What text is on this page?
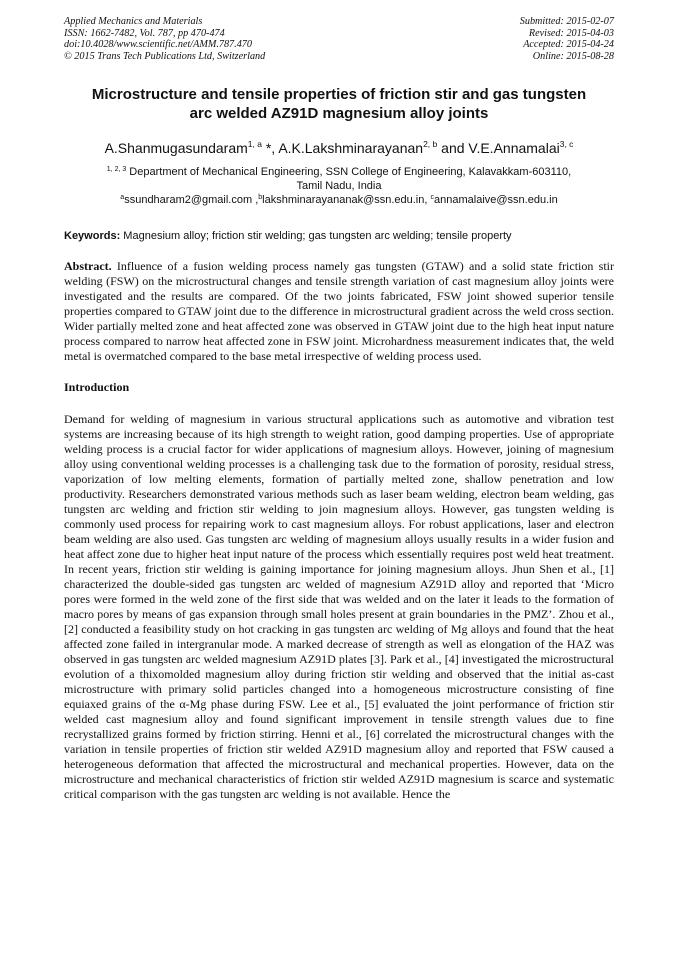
Applied Mechanics and Materials
ISSN: 1662-7482, Vol. 787, pp 470-474
doi:10.4028/www.scientific.net/AMM.787.470
© 2015 Trans Tech Publications Ltd, Switzerland
Submitted: 2015-02-07
Revised: 2015-04-03
Accepted: 2015-04-24
Online: 2015-08-28
Microstructure and tensile properties of friction stir and gas tungsten
arc welded AZ91D magnesium alloy joints
A.Shanmugasundaram$^{1, a}$ *, A.K.Lakshminarayanan$^{2, b}$ and V.E.Annamalai$^{3, c}$
$^{1, 2, 3}$ Department of Mechanical Engineering, SSN College of Engineering, Kalavakkam-603110,
Tamil Nadu, India
$^a$ssundharam2@gmail.com ,$^b$lakshminarayananak@ssn.edu.in, $^c$annamalaive@ssn.edu.in
Keywords: Magnesium alloy; friction stir welding; gas tungsten arc welding; tensile property

Abstract. Influence of a fusion welding process namely gas tungsten (GTAW) and a solid state friction stir welding (FSW) on the microstructural changes and tensile strength variation of cast magnesium alloy joints were investigated and the results are compared. Of the two joints fabricated, FSW joint showed superior tensile properties compared to GTAW joint due to the difference in microstructural gradient across the weld cross section. Wider partially melted zone and heat affected zone was observed in GTAW joint due to the high heat input nature process compared to narrow heat affected zone in FSW joint. Microhardness measurement indicates that, the weld metal is overmatched compared to the base metal irrespective of welding process used.

Introduction

Demand for welding of magnesium in various structural applications such as automotive and vibration test systems are increasing because of its high strength to weight ration, good damping properties. Use of appropriate welding process is a crucial factor for wider applications of magnesium alloys. However, joining of magnesium alloy using conventional welding processes is a challenging task due to the formation of porosity, residual stress, vaporization of low melting elements, formation of partially melted zone, shallow penetration and low productivity. Researchers demonstrated various methods such as laser beam welding, electron beam welding, gas tungsten arc welding and friction stir welding to join magnesium alloys. However, gas tungsten welding is commonly used process for repairing work to cast magnesium alloys. For robust applications, laser and electron beam welding are also used. Gas tungsten arc welding of magnesium alloys usually results in a wider fusion and heat affect zone due to higher heat input nature of the process which essentially requires post weld heat treatment. In recent years, friction stir welding is gaining importance for joining magnesium alloys. Jhun Shen et al., [1] characterized the double-sided gas tungsten arc welded of magnesium AZ91D alloy and reported that ‘Micro pores were formed in the weld zone of the first side that was welded and on the later it leads to the formation of macro pores by means of gas expansion through small holes present at grain boundaries in the PMZ’. Zhou et al., [2] conducted a feasibility study on hot cracking in gas tungsten arc welding of Mg alloys and found that the heat affected zone failed in intergranular mode. A marked decrease of strength as well as elongation of the HAZ was observed in gas tungsten arc welded magnesium AZ91D plates [3]. Park et al., [4] investigated the microstructural evolution of a thixomolded magnesium alloy during friction stir welding and observed that the initial as-cast microstructure with primary solid particles changed into a homogeneous microstructure consisting of fine equiaxed grains of the α-Mg phase during FSW. Lee et al., [5] evaluated the joint performance of friction stir welded cast magnesium alloy and found significant improvement in tensile strength values due to fine recrystallized grains formed by friction stirring. Henni et al., [6] correlated the microstructural changes with the variation in tensile properties of friction stir welded AZ91D magnesium alloy and reported that FSW caused a heterogeneous deformation that affected the microstructural and mechanical properties. However, data on the microstructure and mechanical characteristics of friction stir welded AZ91D magnesium is scarce and systematic critical comparison with the gas tungsten arc welding is not available. Hence the
